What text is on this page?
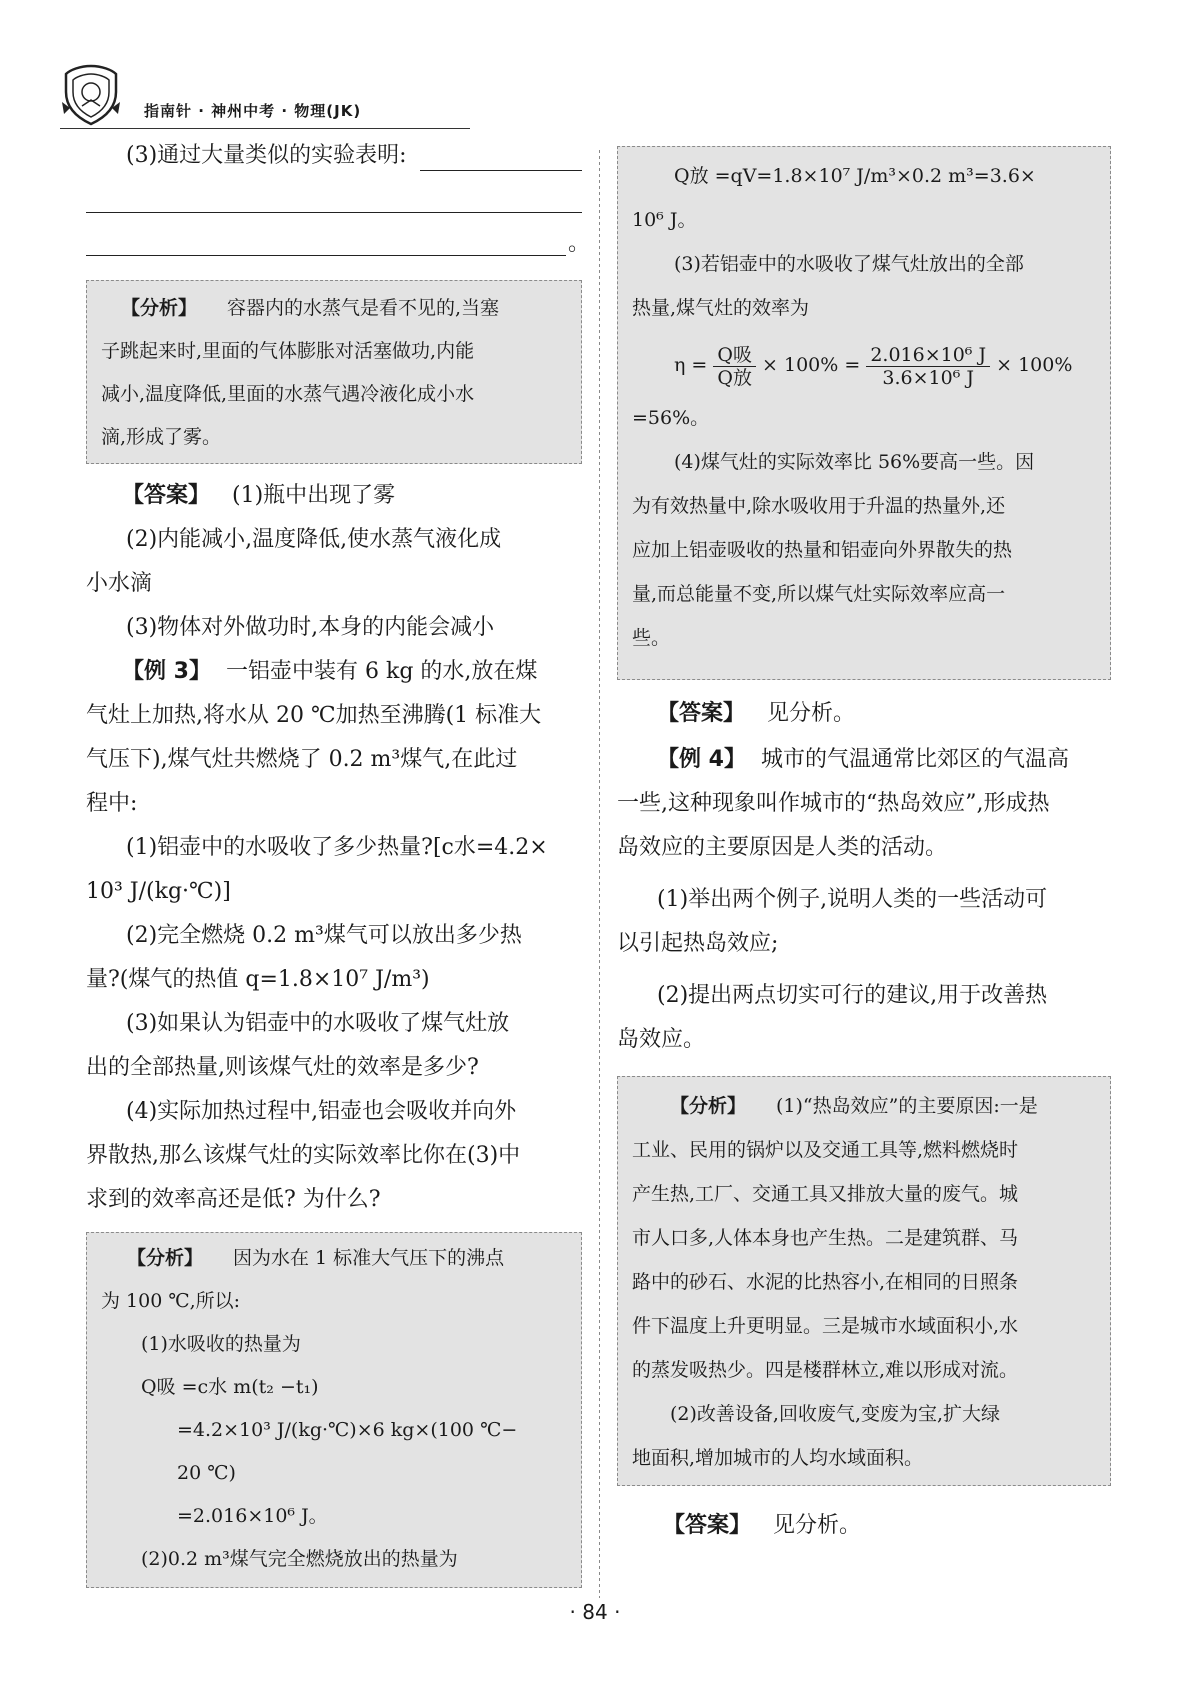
指南针 · 神州中考 · 物理(JK)
(3)通过大量类似的实验表明:
。
【分析】 容器内的水蒸气是看不见的,当塞
子跳起来时,里面的气体膨胀对活塞做功,内能
减小,温度降低,里面的水蒸气遇冷液化成小水
滴,形成了雾。
【答案】 (1)瓶中出现了雾
(2)内能减小,温度降低,使水蒸气液化成
小水滴
(3)物体对外做功时,本身的内能会减小
【例 3】 一铝壶中装有 6 kg 的水,放在煤
气灶上加热,将水从 20 ℃加热至沸腾(1 标准大
气压下),煤气灶共燃烧了 0.2 m³煤气,在此过
程中:
(1)铝壶中的水吸收了多少热量?[c水=4.2×
10³ J/(kg·℃)]
(2)完全燃烧 0.2 m³煤气可以放出多少热
量?(煤气的热值 q=1.8×10⁷ J/m³)
(3)如果认为铝壶中的水吸收了煤气灶放
出的全部热量,则该煤气灶的效率是多少?
(4)实际加热过程中,铝壶也会吸收并向外
界散热,那么该煤气灶的实际效率比你在(3)中
求到的效率高还是低? 为什么?
【分析】 因为水在 1 标准大气压下的沸点
为 100 ℃,所以:
(1)水吸收的热量为
Q吸 =c水 m(t₂ −t₁)
=4.2×10³ J/(kg·℃)×6 kg×(100 ℃−
20 ℃)
=2.016×10⁶ J。
(2)0.2 m³煤气完全燃烧放出的热量为
Q放 =qV=1.8×10⁷ J/m³×0.2 m³=3.6×
10⁶ J。
(3)若铝壶中的水吸收了煤气灶放出的全部
热量,煤气灶的效率为
$\eta = \frac{\text{Q吸}}{\text{Q放}} \times 100\% = \frac{\text{2.016×10⁶ J}}{\text{3.6×10⁶ J}} \times 100\%$
=56%。
(4)煤气灶的实际效率比 56%要高一些。因
为有效热量中,除水吸收用于升温的热量外,还
应加上铝壶吸收的热量和铝壶向外界散失的热
量,而总能量不变,所以煤气灶实际效率应高一
些。
【答案】 见分析。
【例 4】 城市的气温通常比郊区的气温高
一些,这种现象叫作城市的“热岛效应”,形成热
岛效应的主要原因是人类的活动。
(1)举出两个例子,说明人类的一些活动可
以引起热岛效应;
(2)提出两点切实可行的建议,用于改善热
岛效应。
【分析】 (1)“热岛效应”的主要原因:一是
工业、民用的锅炉以及交通工具等,燃料燃烧时
产生热,工厂、交通工具又排放大量的废气。城
市人口多,人体本身也产生热。二是建筑群、马
路中的砂石、水泥的比热容小,在相同的日照条
件下温度上升更明显。三是城市水域面积小,水
的蒸发吸热少。四是楼群林立,难以形成对流。
(2)改善设备,回收废气,变废为宝,扩大绿
地面积,增加城市的人均水域面积。
【答案】 见分析。
· 84 ·
